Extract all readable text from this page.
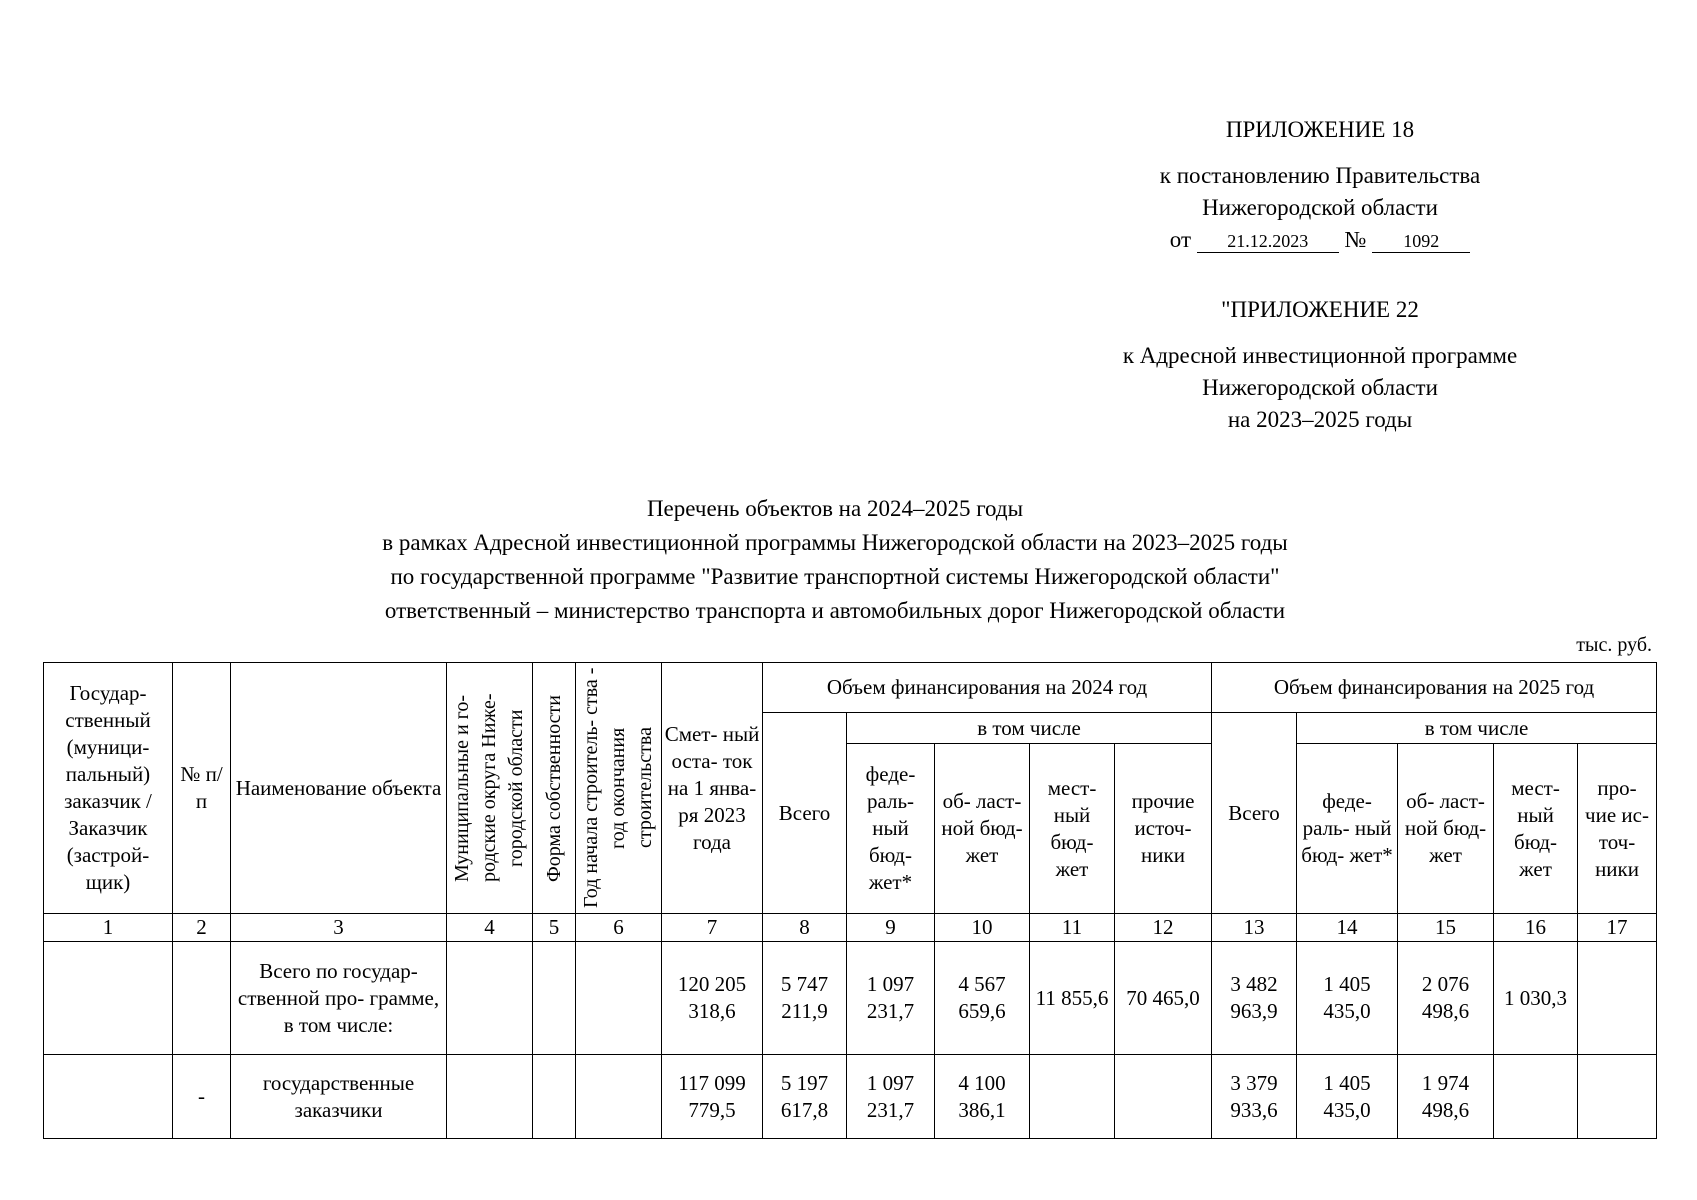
ПРИЛОЖЕНИЕ 18
к постановлению Правительства
Нижегородской области
от 21.12.2023 № 1092
"ПРИЛОЖЕНИЕ 22
к Адресной инвестиционной программе
Нижегородской области
на 2023–2025 годы
Перечень объектов на 2024–2025 годы
в рамках Адресной инвестиционной программы Нижегородской области на 2023–2025 годы
по государственной программе "Развитие транспортной системы Нижегородской области"
ответственный – министерство транспорта и автомобильных дорог Нижегородской области
тыс. руб.
Государ- ственный (муници- пальный) заказчик / Заказчик (застрой- щик)	№ п/п	Наименование объекта	Муниципальные и го- родские округа Ниже- городской области	Форма собственности	Год начала строитель- ства - год окончания строительства	Смет- ный оста- ток на 1 янва- ря 2023 года	Объем финансирования на 2024 год					Объем финансирования на 2025 год				
							Всего	в том числе				Всего	в том числе			
								феде- раль- ный бюд- жет*	об- ласт- ной бюд- жет	мест- ный бюд- жет	прочие источ- ники		феде- раль- ный бюд- жет*	об- ласт- ной бюд- жет	мест- ный бюд- жет	про- чие ис- точ- ники
1	2	3	4	5	6	7	8	9	10	11	12	13	14	15	16	17
		Всего по государ- ственной про- грамме, в том числе:				120 205 318,6	5 747 211,9	1 097 231,7	4 567 659,6	11 855,6	70 465,0	3 482 963,9	1 405 435,0	2 076 498,6	1 030,3	
	-	государственные заказчики				117 099 779,5	5 197 617,8	1 097 231,7	4 100 386,1			3 379 933,6	1 405 435,0	1 974 498,6		
